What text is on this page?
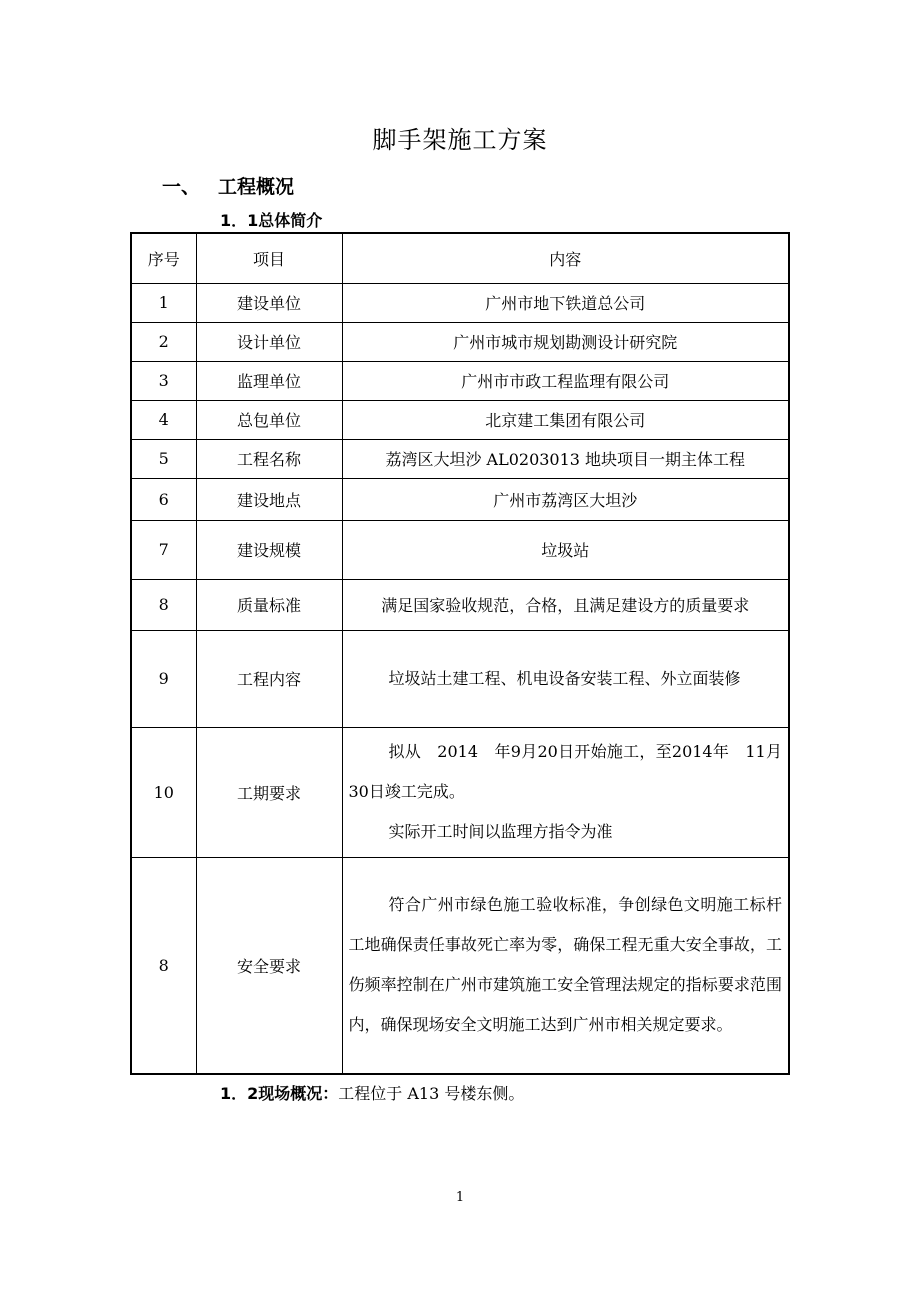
脚手架施工方案
一、 工程概况
1．1总体简介
序号	项目	内容
1	建设单位	广州市地下铁道总公司
2	设计单位	广州市城市规划勘测设计研究院
3	监理单位	广州市市政工程监理有限公司
4	总包单位	北京建工集团有限公司
5	工程名称	荔湾区大坦沙 AL0203013 地块项目一期主体工程
6	建设地点	广州市荔湾区大坦沙
7	建设规模	垃圾站
8	质量标准	满足国家验收规范，合格，且满足建设方的质量要求
9	工程内容	垃圾站土建工程、机电设备安装工程、外立面装修

10	工期要求	拟从　2014　年9月20日开始施工，至2014年　11月30日竣工完成。

实际开工时间以监理方指令为准

8	安全要求	符合广州市绿色施工验收标准，争创绿色文明施工标杆工地确保责任事故死亡率为零，确保工程无重大安全事故，工伤频率控制在广州市建筑施工安全管理法规定的指标要求范围内，确保现场安全文明施工达到广州市相关规定要求。

1．2现场概况：工程位于 A13 号楼东侧。
1
